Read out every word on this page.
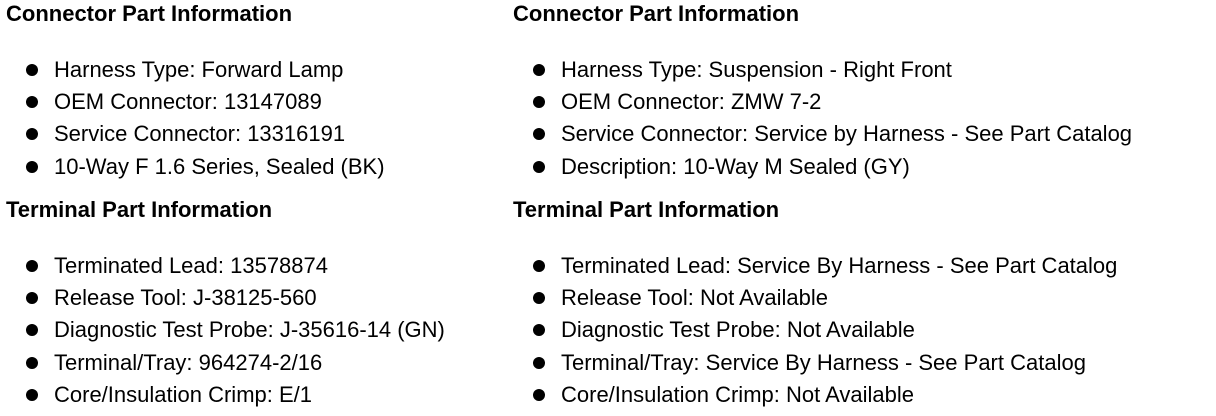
Connector Part Information
Harness Type: Forward Lamp
OEM Connector: 13147089
Service Connector: 13316191
10-Way F 1.6 Series, Sealed (BK)
Terminal Part Information
Terminated Lead: 13578874
Release Tool: J-38125-560
Diagnostic Test Probe: J-35616-14 (GN)
Terminal/Tray: 964274-2/16
Core/Insulation Crimp: E/1
Connector Part Information
Harness Type: Suspension - Right Front
OEM Connector: ZMW 7-2
Service Connector: Service by Harness - See Part Catalog
Description: 10-Way M Sealed (GY)
Terminal Part Information
Terminated Lead: Service By Harness - See Part Catalog
Release Tool: Not Available
Diagnostic Test Probe: Not Available
Terminal/Tray: Service By Harness - See Part Catalog
Core/Insulation Crimp: Not Available
